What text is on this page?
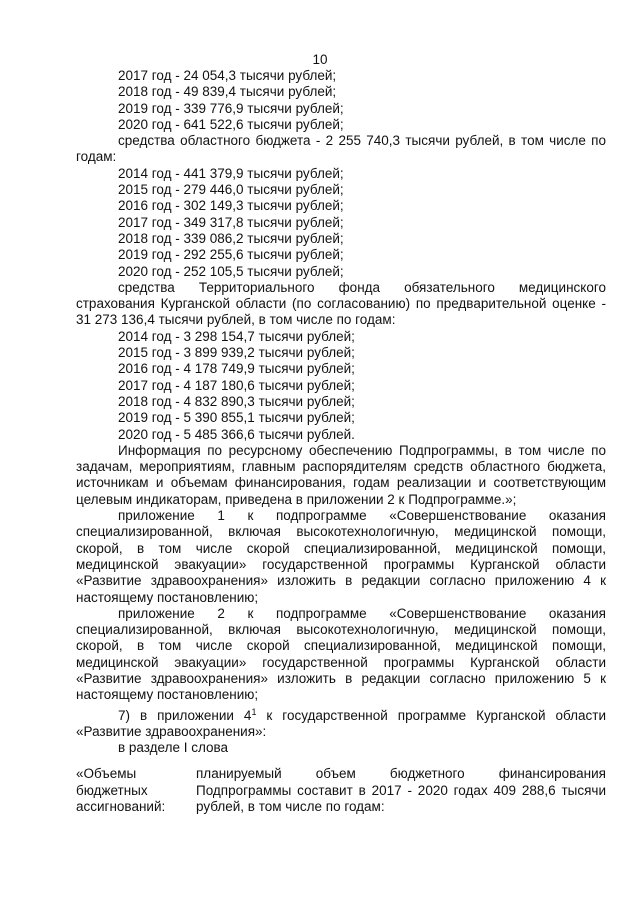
10
2017 год - 24 054,3 тысячи рублей;
2018 год - 49 839,4 тысячи рублей;
2019 год - 339 776,9 тысячи рублей;
2020 год - 641 522,6 тысячи рублей;
средства областного бюджета - 2 255 740,3 тысячи рублей, в том числе по годам:
2014 год - 441 379,9 тысячи рублей;
2015 год - 279 446,0 тысячи рублей;
2016 год - 302 149,3 тысячи рублей;
2017 год - 349 317,8 тысячи рублей;
2018 год - 339 086,2 тысячи рублей;
2019 год - 292 255,6 тысячи рублей;
2020 год - 252 105,5 тысячи рублей;
средства Территориального фонда обязательного медицинского страхования Курганской области (по согласованию) по предварительной оценке - 31 273 136,4 тысячи рублей, в том числе по годам:
2014 год - 3 298 154,7 тысячи рублей;
2015 год - 3 899 939,2 тысячи рублей;
2016 год - 4 178 749,9 тысячи рублей;
2017 год - 4 187 180,6 тысячи рублей;
2018 год - 4 832 890,3 тысячи рублей;
2019 год - 5 390 855,1 тысячи рублей;
2020 год - 5 485 366,6 тысячи рублей.
Информация по ресурсному обеспечению Подпрограммы, в том числе по задачам, мероприятиям, главным распорядителям средств областного бюджета, источникам и объемам финансирования, годам реализации и соответствующим целевым индикаторам, приведена в приложении 2 к Подпрограмме.»;
приложение 1 к подпрограмме «Совершенствование оказания специализированной, включая высокотехнологичную, медицинской помощи, скорой, в том числе скорой специализированной, медицинской помощи, медицинской эвакуации» государственной программы Курганской области «Развитие здравоохранения» изложить в редакции согласно приложению 4 к настоящему постановлению;
приложение 2 к подпрограмме «Совершенствование оказания специализированной, включая высокотехнологичную, медицинской помощи, скорой, в том числе скорой специализированной, медицинской помощи, медицинской эвакуации» государственной программы Курганской области «Развитие здравоохранения» изложить в редакции согласно приложению 5 к настоящему постановлению;
7) в приложении $4^1$ к государственной программе Курганской области «Развитие здравоохранения»:
в разделе I слова
«Объемы бюджетных ассигнований:
планируемый объем бюджетного финансирования Подпрограммы составит в 2017 - 2020 годах 409 288,6 тысячи рублей, в том числе по годам:
